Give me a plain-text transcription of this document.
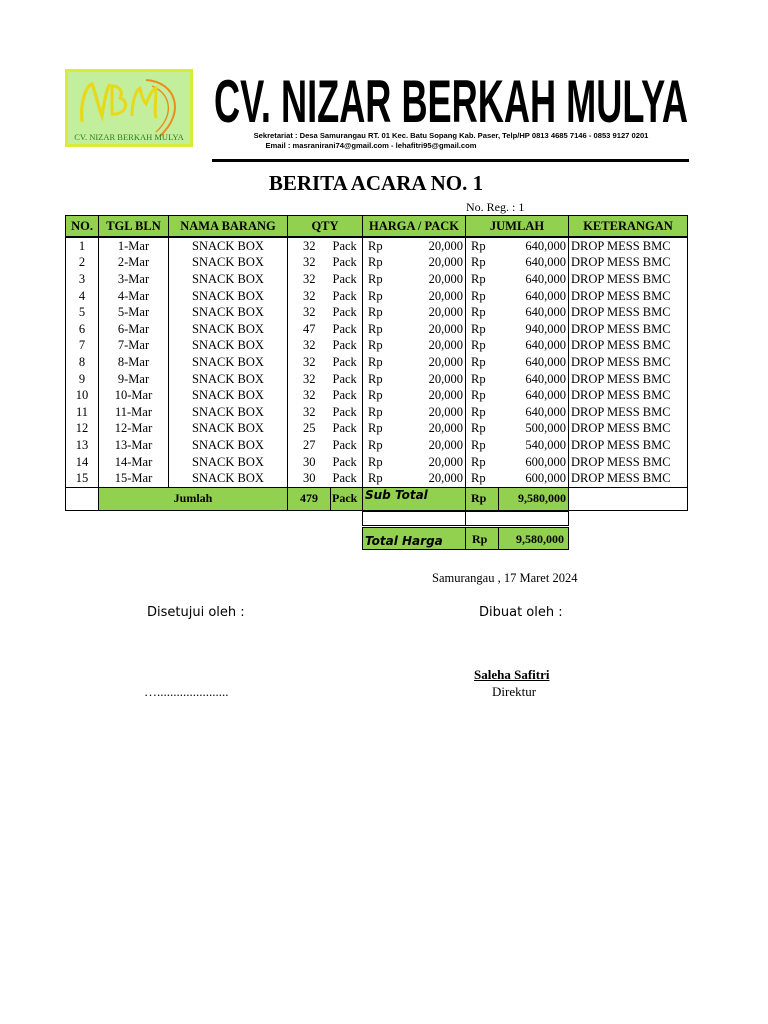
CV. NIZAR BERKAH MULYA
CV. NIZAR BERKAH MULYA
Sekretariat : Desa Samurangau RT. 01 Kec. Batu Sopang Kab. Paser, Telp/HP 0813 4685 7146 - 0853 9127 0201
Email : masranirani74@gmail.com - lehafitri95@gmail.com
BERITA ACARA NO. 1
No. Reg. : 1
NO.	TGL BLN	NAMA BARANG	QTY		HARGA / PACK		JUMLAH		KETERANGAN
1	1-Mar	SNACK BOX	32	Pack	Rp	20,000	Rp	640,000	DROP MESS BMC
2	2-Mar	SNACK BOX	32	Pack	Rp	20,000	Rp	640,000	DROP MESS BMC
3	3-Mar	SNACK BOX	32	Pack	Rp	20,000	Rp	640,000	DROP MESS BMC
4	4-Mar	SNACK BOX	32	Pack	Rp	20,000	Rp	640,000	DROP MESS BMC
5	5-Mar	SNACK BOX	32	Pack	Rp	20,000	Rp	640,000	DROP MESS BMC
6	6-Mar	SNACK BOX	47	Pack	Rp	20,000	Rp	940,000	DROP MESS BMC
7	7-Mar	SNACK BOX	32	Pack	Rp	20,000	Rp	640,000	DROP MESS BMC
8	8-Mar	SNACK BOX	32	Pack	Rp	20,000	Rp	640,000	DROP MESS BMC
9	9-Mar	SNACK BOX	32	Pack	Rp	20,000	Rp	640,000	DROP MESS BMC
10	10-Mar	SNACK BOX	32	Pack	Rp	20,000	Rp	640,000	DROP MESS BMC
11	11-Mar	SNACK BOX	32	Pack	Rp	20,000	Rp	640,000	DROP MESS BMC
12	12-Mar	SNACK BOX	25	Pack	Rp	20,000	Rp	500,000	DROP MESS BMC
13	13-Mar	SNACK BOX	27	Pack	Rp	20,000	Rp	540,000	DROP MESS BMC
14	14-Mar	SNACK BOX	30	Pack	Rp	20,000	Rp	600,000	DROP MESS BMC
15	15-Mar	SNACK BOX	30	Pack	Rp	20,000	Rp	600,000	DROP MESS BMC
	Jumlah		479	Pack	Sub Total		Rp	9,580,000	
Total Harga	Rp	9,580,000
Samurangau , 17 Maret 2024
Disetujui oleh :	Dibuat oleh :
Saleha Safitri
Direktur
…......................
